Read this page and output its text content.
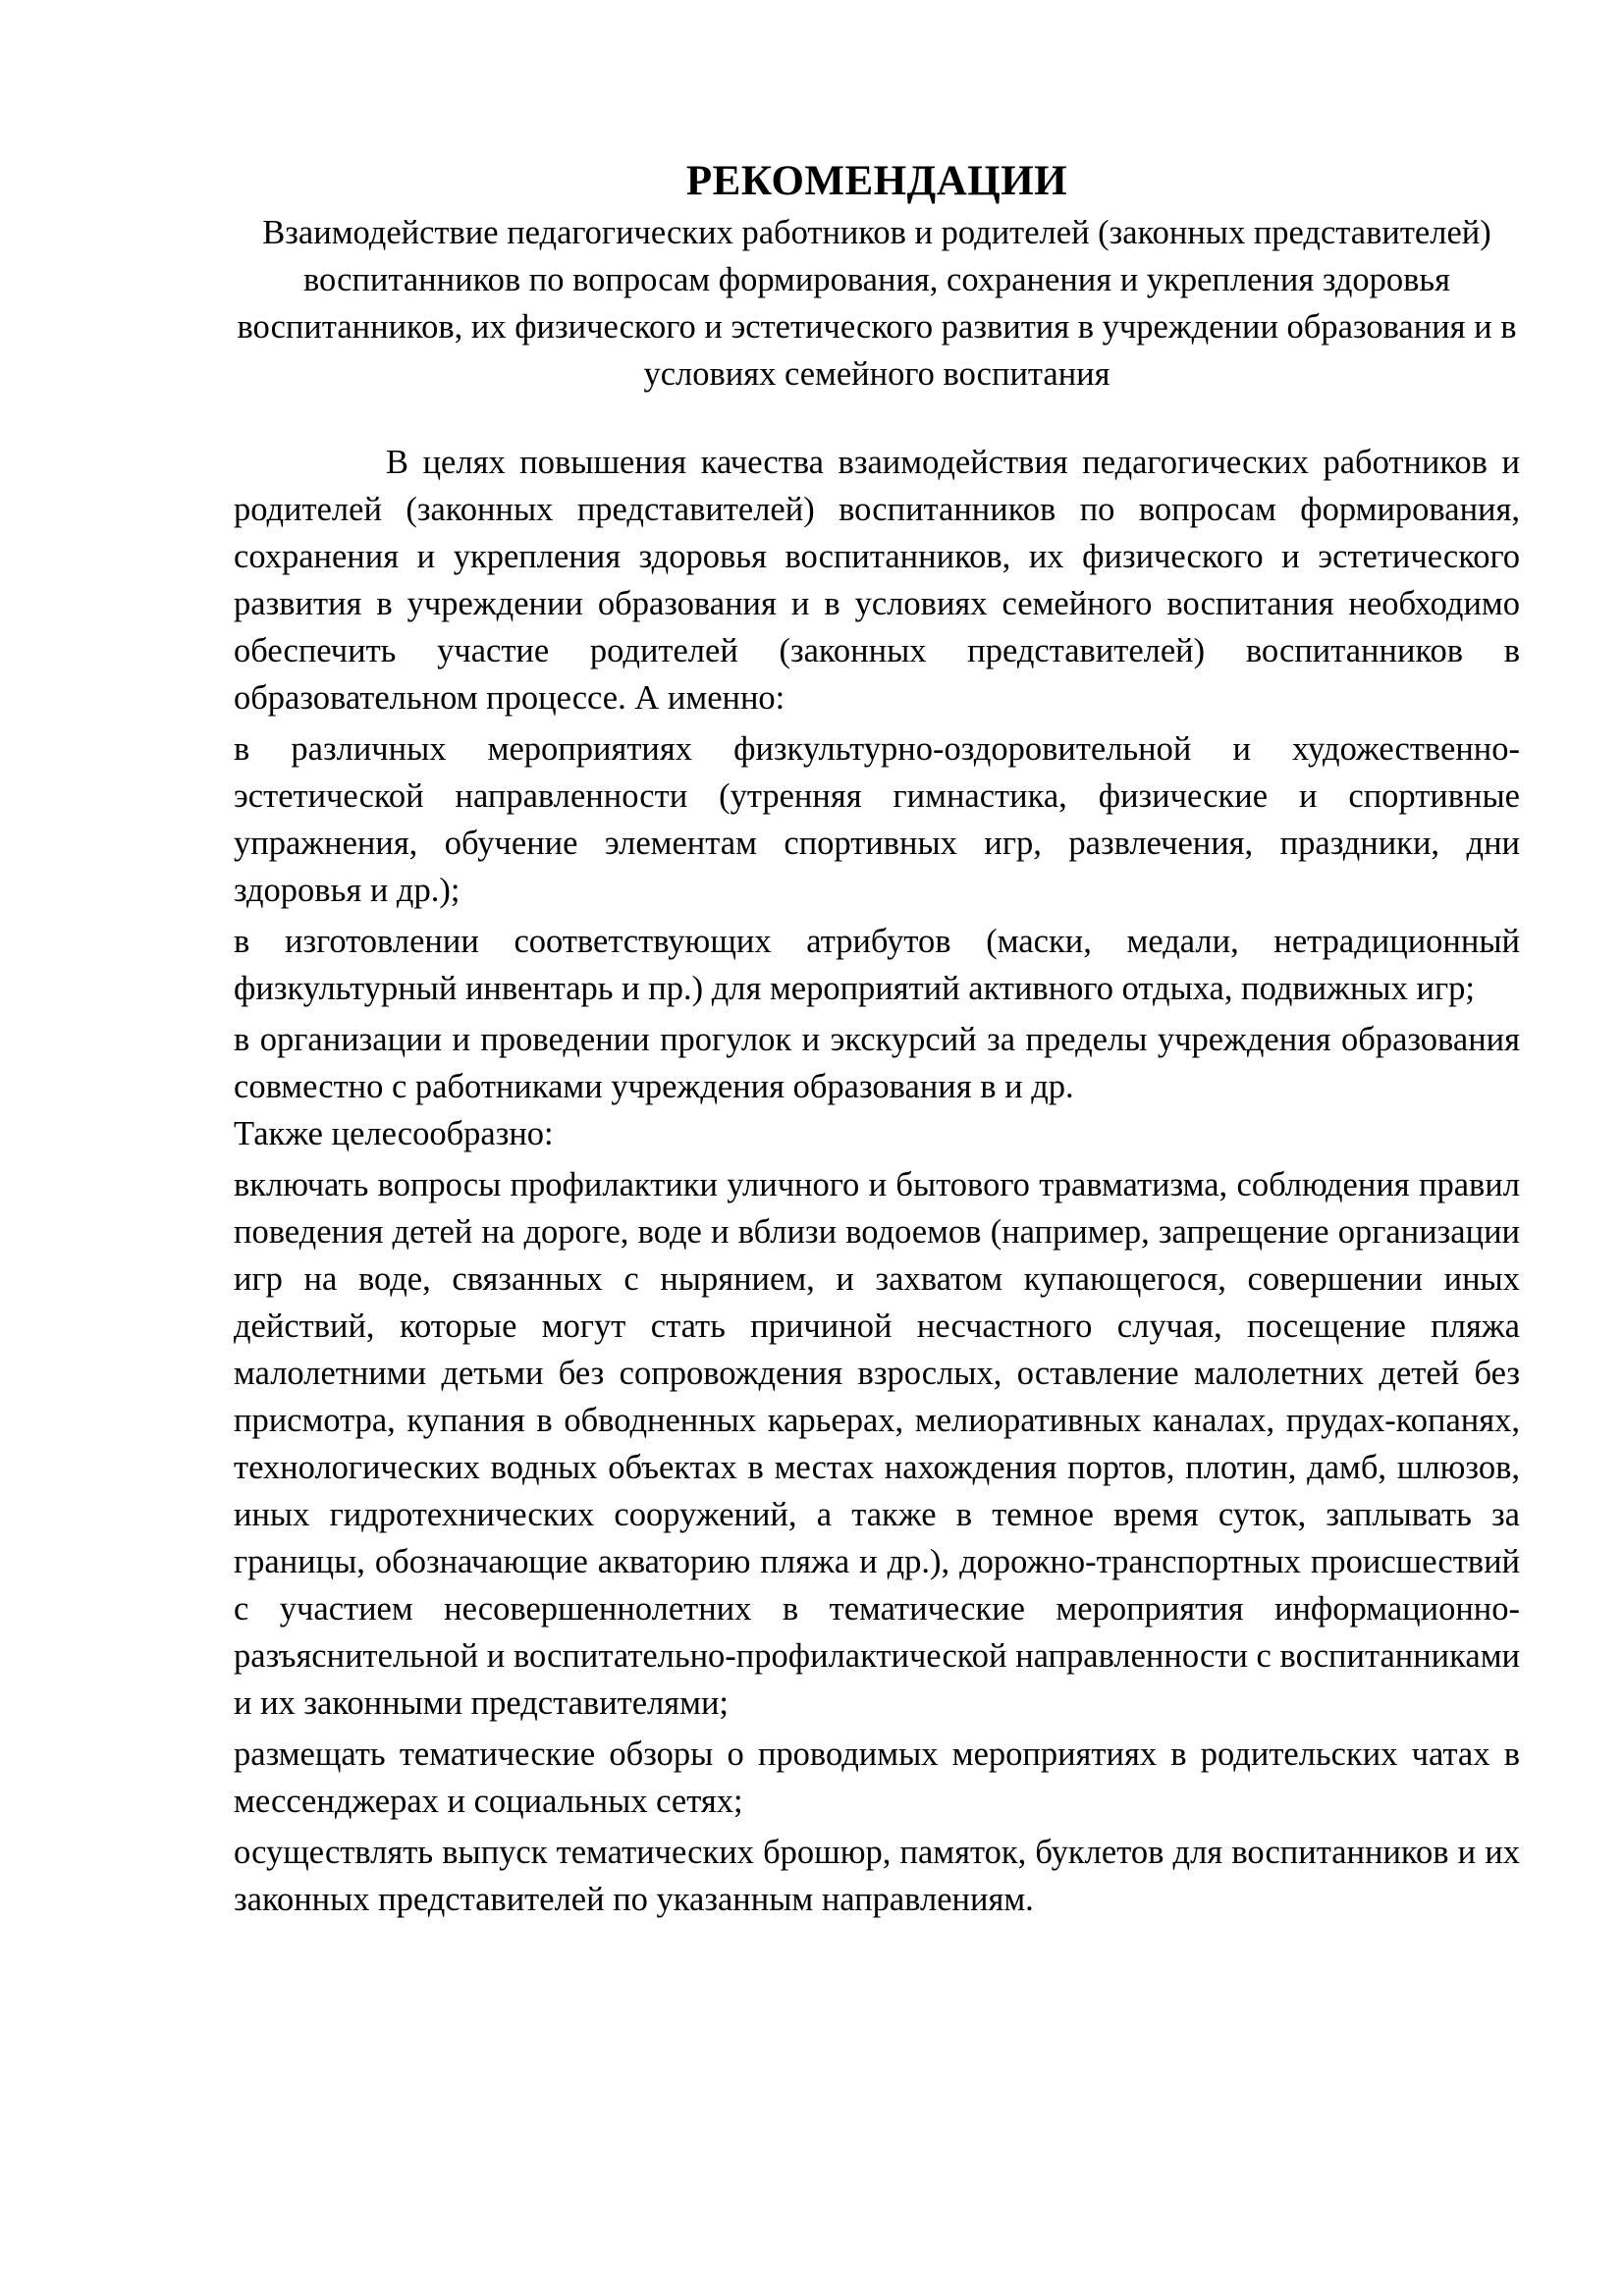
РЕКОМЕНДАЦИИ

Взаимодействие педагогических работников и родителей (законных представителей) воспитанников по вопросам формирования, сохранения и укрепления здоровья воспитанников, их физического и эстетического развития в учреждении образования и в условиях семейного воспитания

В целях повышения качества взаимодействия педагогических работников и родителей (законных представителей) воспитанников по вопросам формирования, сохранения и укрепления здоровья воспитанников, их физического и эстетического развития в учреждении образования и в условиях семейного воспитания необходимо обеспечить участие родителей (законных представителей) воспитанников в образовательном процессе. А именно:

в различных мероприятиях физкультурно-оздоровительной и художественно-эстетической направленности (утренняя гимнастика, физические и спортивные упражнения, обучение элементам спортивных игр, развлечения, праздники, дни здоровья и др.);

в изготовлении соответствующих атрибутов (маски, медали, нетрадиционный физкультурный инвентарь и пр.) для мероприятий активного отдыха, подвижных игр;

в организации и проведении прогулок и экскурсий за пределы учреждения образования совместно с работниками учреждения образования в и др.

Также целесообразно:

включать вопросы профилактики уличного и бытового травматизма, соблюдения правил поведения детей на дороге, воде и вблизи водоемов (например, запрещение организации игр на воде, связанных с нырянием, и захватом купающегося, совершении иных действий, которые могут стать причиной несчастного случая, посещение пляжа малолетними детьми без сопровождения взрослых, оставление малолетних детей без присмотра, купания в обводненных карьерах, мелиоративных каналах, прудах-копанях, технологических водных объектах в местах нахождения портов, плотин, дамб, шлюзов, иных гидротехнических сооружений, а также в темное время суток, заплывать за границы, обозначающие акваторию пляжа и др.), дорожно-транспортных происшествий с участием несовершеннолетних в тематические мероприятия информационно-разъяснительной и воспитательно-профилактической направленности с воспитанниками и их законными представителями;

размещать тематические обзоры о проводимых мероприятиях в родительских чатах в мессенджерах и социальных сетях;

осуществлять выпуск тематических брошюр, памяток, буклетов для воспитанников и их законных представителей по указанным направлениям.
